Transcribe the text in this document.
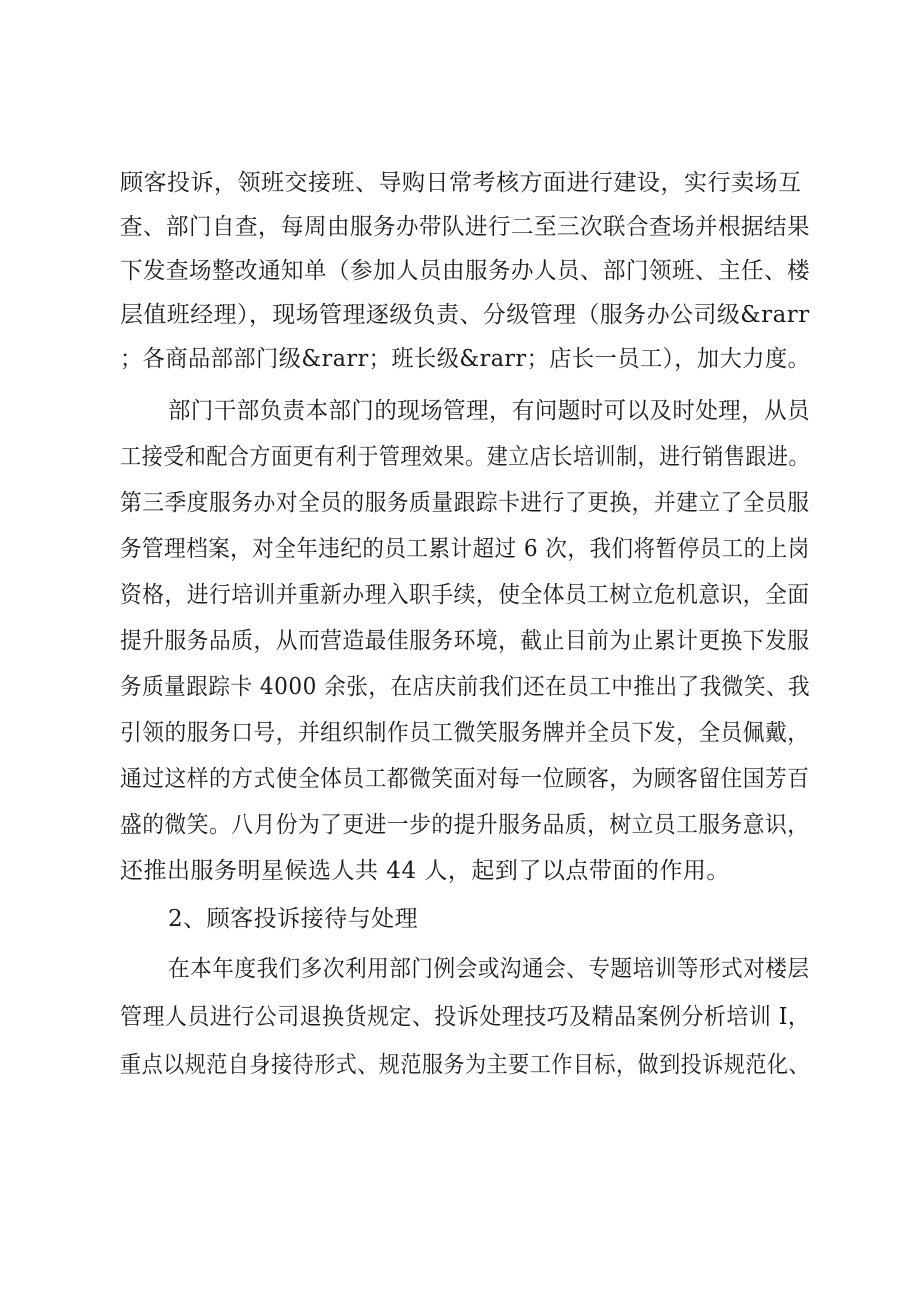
顾客投诉，领班交接班、导购日常考核方面进行建设，实行卖场互
查、部门自查，每周由服务办带队进行二至三次联合查场并根据结果
下发查场整改通知单（参加人员由服务办人员、部门领班、主任、楼
层值班经理），现场管理逐级负责、分级管理（服务办公司级&rarr
；各商品部部门级&rarr；班长级&rarr；店长一员工），加大力度。
部门干部负责本部门的现场管理，有问题时可以及时处理，从员
工接受和配合方面更有利于管理效果。建立店长培训制，进行销售跟进。
第三季度服务办对全员的服务质量跟踪卡进行了更换，并建立了全员服
务管理档案，对全年违纪的员工累计超过 6 次，我们将暂停员工的上岗
资格，进行培训并重新办理入职手续，使全体员工树立危机意识，全面
提升服务品质，从而营造最佳服务环境，截止目前为止累计更换下发服
务质量跟踪卡 4000 余张，在店庆前我们还在员工中推出了我微笑、我
引领的服务口号，并组织制作员工微笑服务牌并全员下发，全员佩戴，
通过这样的方式使全体员工都微笑面对每一位顾客，为顾客留住国芳百
盛的微笑。八月份为了更进一步的提升服务品质，树立员工服务意识，
还推出服务明星候选人共 44 人，起到了以点带面的作用。
2、顾客投诉接待与处理
在本年度我们多次利用部门例会或沟通会、专题培训等形式对楼层
管理人员进行公司退换货规定、投诉处理技巧及精品案例分析培训 I，
重点以规范自身接待形式、规范服务为主要工作目标，做到投诉规范化、
